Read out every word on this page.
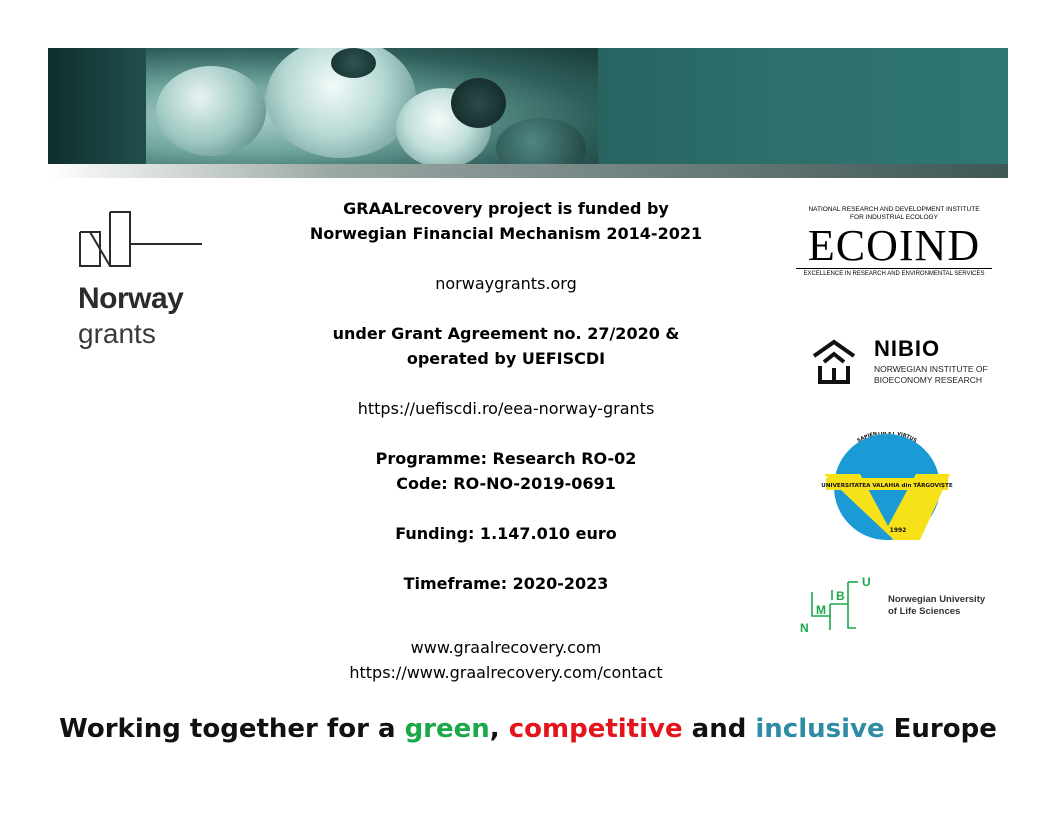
Norway
grants
GRAALrecovery project is funded by
Norwegian Financial Mechanism 2014-2021
norwaygrants.org
under Grant Agreement no. 27/2020 &
operated by UEFISCDI
https://uefiscdi.ro/eea-norway-grants
Programme: Research RO-02
Code: RO-NO-2019-0691
Funding: 1.147.010 euro
Timeframe: 2020-2023
www.graalrecovery.com
https://www.graalrecovery.com/contact
Working together for a green, competitive and inclusive Europe
NATIONAL RESEARCH AND DEVELOPMENT INSTITUTE
FOR INDUSTRIAL ECOLOGY
ECOIND
EXCELLENCE IN RESEARCH AND ENVIRONMENTAL SERVICES
NIBIO
NORWEGIAN INSTITUTE OF
BIOECONOMY RESEARCH
SAPIENTIA ET VIRTUS
UNIVERSITATEA VALAHIA din TÂRGOVIȘTE
1992
N
M
B
U
Norwegian University
of Life Sciences
